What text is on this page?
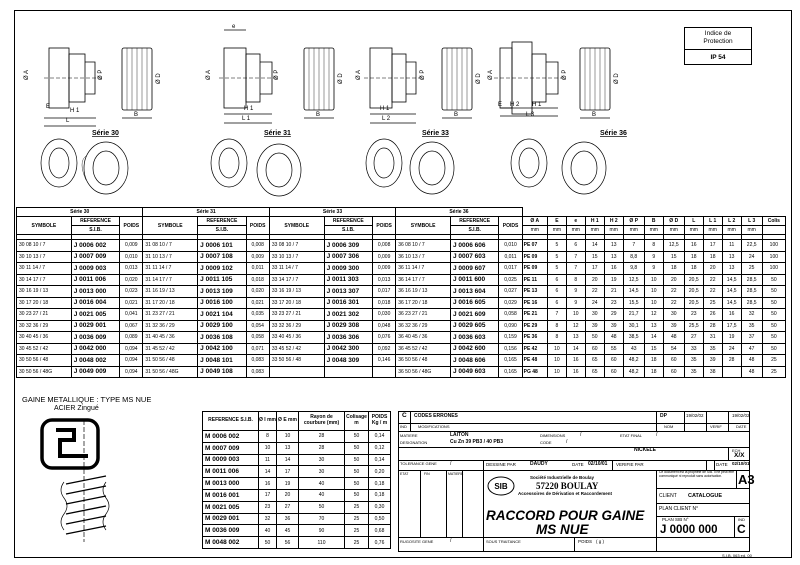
Indice de
Protection
IP 54
Ø A	Ø P	Ø D
E
H 1
L
B
e
Ø A	Ø P	Ø D
H 1
L 1
B
Ø A	Ø P	Ø D
H 1
L 2
B
H 2
Ø A	Ø P	Ø D
E	H 1
L 3	B
Série 30	Série 31	Série 33	Série 36
Série 30			Série 31			Série 33			Série 36															
SYMBOLE	REFERENCE	POIDS	SYMBOLE	REFERENCE	POIDS	SYMBOLE	REFERENCE	POIDS	SYMBOLE	REFERENCE	POIDS	Ø A	E	e	H 1	H 2	Ø P	B	Ø D	L	L 1	L 2	L 3	Colis
	S.I.B.			S.I.B.			S.I.B.			S.I.B.		mm	mm	mm	mm	mm	mm	mm	mm	mm	mm	mm	mm	

30 08 10 / 7	J 0006 002	0,009	31 08 10 / 7	J 0006 101	0,008	33 08 10 / 7	J 0006 309	0,008	36 08 10 / 7	J 0006 606	0,010	PE 07	5	6	14	13	7	8	12,5	16	17	11	22,5	100
30 10 13 / 7	J 0007 009	0,010	31 10 13 / 7	J 0007 108	0,009	33 10 13 / 7	J 0007 306	0,009	36 10 13 / 7	J 0007 603	0,011	PE 09	5	7	15	13	8,8	9	15	18	18	13	24	100
30 11 14 / 7	J 0009 003	0,013	31 11 14 / 7	J 0009 102	0,011	33 11 14 / 7	J 0009 300	0,009	36 11 14 / 7	J 0009 607	0,017	PE 09	5	7	17	16	9,8	9	18	18	20	13	25	100
30 14 17 / 7	J 0011 006	0,020	31 14 17 / 7	J 0011 105	0,018	33 14 17 / 7	J 0011 303	0,013	36 14 17 / 7	J 0011 600	0,025	PE 11	6	8	20	19	12,5	10	20	20,5	22	14,5	28,5	50
30 16 19 / 13	J 0013 000	0,023	31 16 19 / 13	J 0013 109	0,020	33 16 19 / 13	J 0013 307	0,017	36 16 19 / 13	J 0013 604	0,027	PE 13	6	9	22	21	14,5	10	22	20,5	22	14,5	28,5	50
30 17 20 / 18	J 0016 004	0,021	31 17 20 / 18	J 0016 100	0,021	33 17 20 / 18	J 0016 301	0,018	36 17 20 / 18	J 0016 605	0,029	PE 16	6	9	24	23	15,5	10	22	20,5	25	14,5	28,5	50
30 23 27 / 21	J 0021 005	0,041	31 23 27 / 21	J 0021 104	0,035	33 23 27 / 21	J 0021 302	0,030	36 23 27 / 21	J 0021 609	0,058	PE 21	7	10	30	29	21,7	12	30	23	26	16	32	50
30 32 36 / 29	J 0029 001	0,067	31 32 36 / 29	J 0029 100	0,054	33 32 36 / 29	J 0029 308	0,048	36 32 36 / 29	J 0029 605	0,090	PE 29	8	12	39	39	30,1	13	39	25,5	28	17,5	35	50
30 40 45 / 36	J 0036 009	0,089	31 40 45 / 36	J 0036 108	0,058	33 40 45 / 36	J 0036 306	0,076	36 40 45 / 36	J 0036 603	0,159	PE 36	8	13	50	48	38,5	14	48	27	31	19	37	50
30 45 52 / 42	J 0042 000	0,094	31 45 52 / 42	J 0042 100	0,071	33 45 52 / 42	J 0042 300	0,092	36 45 52 / 42	J 0042 600	0,156	PE 42	10	14	60	55	43	15	54	33	35	24	47	50
30 50 56 / 48	J 0048 002	0,094	31 50 56 / 48	J 0048 101	0,083	33 50 56 / 48	J 0048 309	0,146	36 50 56 / 48	J 0048 606	0,165	PE 48	10	16	65	60	48,2	18	60	35	39	28	48	25
30 50 56 / 48G	J 0049 009	0,094	31 50 56 / 48G	J 0049 108	0,083				36 50 56 / 48G	J 0049 603	0,165	PG 48	10	16	65	60	48,2	18	60	35	38		48	25
GAINE METALLIQUE : TYPE MS NUE
ACIER Zingué
REFERENCE S.I.B.	Ø I mm	Ø E mm	Rayon de courbure (mm)	Colisage m	POIDS Kg / m
M 0006 002	8	10	28	50	0,14
M 0007 009	10	13	28	50	0,12
M 0009 003	11	14	30	50	0,14
M 0011 006	14	17	30	50	0,20
M 0013 000	16	19	40	50	0,18
M 0016 001	17	20	40	50	0,18
M 0021 005	23	27	50	25	0,30
M 0029 001	32	36	70	25	0,50
M 0036 009	40	45	90	25	0,68
M 0048 002	50	56	110	25	0,76
C CODES ERRONES	DP	19/02/02	19/02/02
IND	MODIFICATIONS	NOM	VERIF	DATE
MATIERE	LAITON
DESIGNATION	Cu Zn 39 PB3 / 40 PB3
DIMENSIONS	/
CODE	/
ETAT FINAL	/
NICKELE
TOLERANCE GENE	/	DESSINE PAR	DAUDY	DATE 02/10/01 VERIFIE PAR	DATE 02/10/01
ECH
X/X
ETAT	FIN	MATIERE
SIB
Société Industrielle de Boulay
57220 BOULAY
Accessoires de Dérivation et Raccordement
Ce document est la propriété de SIB. Il ne peut être communiqué ni reproduit sans autorisation.	A3
CLIENT CATALOGUE
PLAN CLIENT N°
RACCORD POUR GAINE
MS NUE
PLAN SIB N°	IND
J 0000 000 C
RUGOSITE GENE	/	SOUS TRAITANCE	POIDS ( g )
S.I.B. 063 ed. 00
